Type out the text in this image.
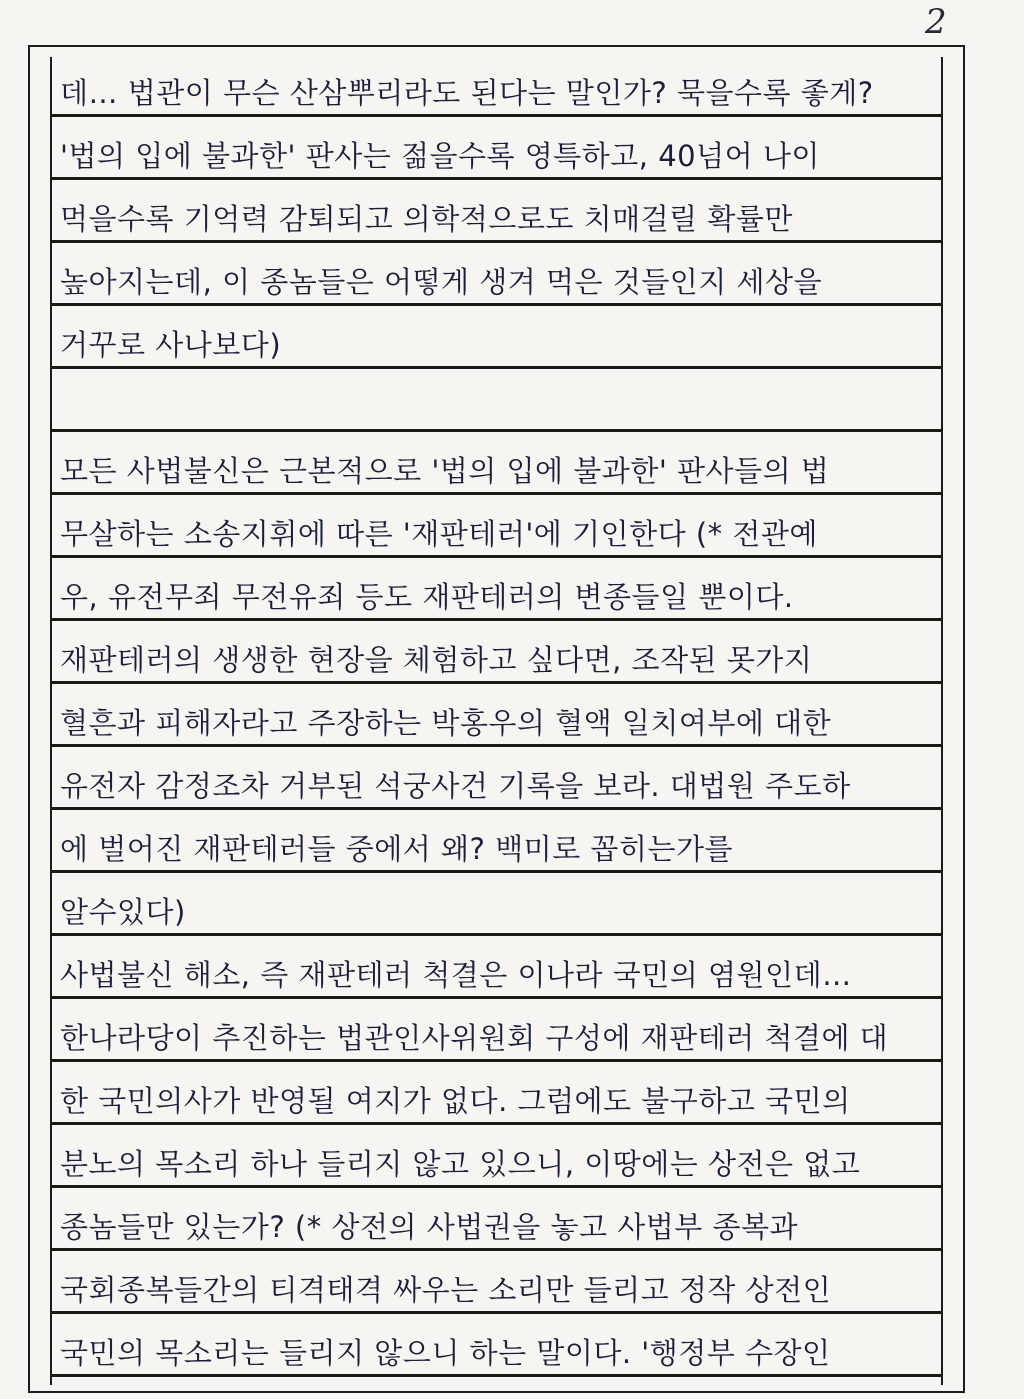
2
데… 법관이 무슨 산삼뿌리라도 된다는 말인가? 묵을수록 좋게?
'법의 입에 불과한' 판사는 젊을수록 영특하고, 40넘어 나이
먹을수록 기억력 감퇴되고 의학적으로도 치매걸릴 확률만
높아지는데, 이 종놈들은 어떻게 생겨 먹은 것들인지 세상을
거꾸로 사나보다)
모든 사법불신은 근본적으로 '법의 입에 불과한' 판사들의 법
무살하는 소송지휘에 따른 '재판테러'에 기인한다 (* 전관예
우, 유전무죄 무전유죄 등도 재판테러의 변종들일 뿐이다.
재판테러의 생생한 현장을 체험하고 싶다면, 조작된 못가지
혈흔과 피해자라고 주장하는 박홍우의 혈액 일치여부에 대한
유전자 감정조차 거부된 석궁사건 기록을 보라. 대법원 주도하
에 벌어진 재판테러들 중에서 왜? 백미로 꼽히는가를
알수있다)
사법불신 해소, 즉 재판테러 척결은 이나라 국민의 염원인데…
한나라당이 추진하는 법관인사위원회 구성에 재판테러 척결에 대
한 국민의사가 반영될 여지가 없다. 그럼에도 불구하고 국민의
분노의 목소리 하나 들리지 않고 있으니, 이땅에는 상전은 없고
종놈들만 있는가? (* 상전의 사법권을 놓고 사법부 종복과
국회종복들간의 티격태격 싸우는 소리만 들리고 정작 상전인
국민의 목소리는 들리지 않으니 하는 말이다. '행정부 수장인
